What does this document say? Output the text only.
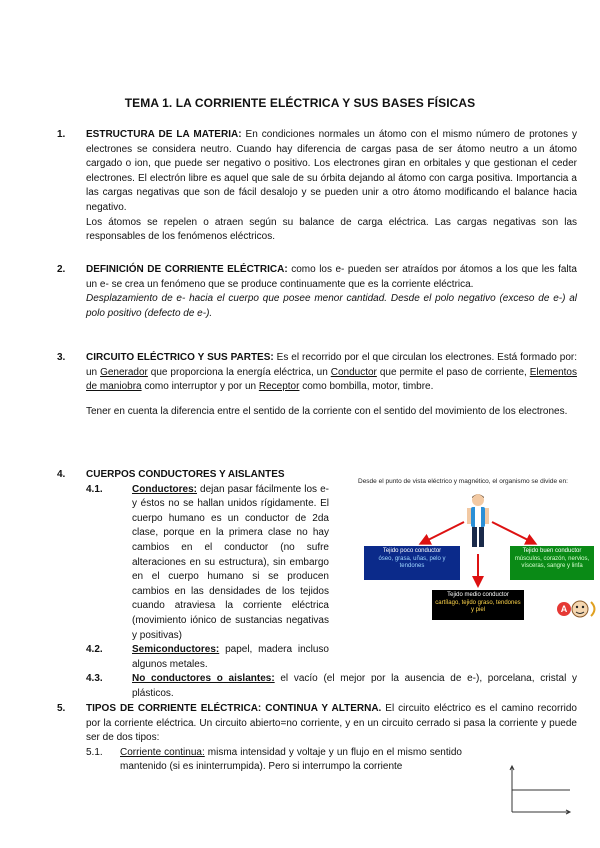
TEMA 1. LA CORRIENTE ELÉCTRICA Y SUS BASES FÍSICAS
1. ESTRUCTURA DE LA MATERIA: En condiciones normales un átomo con el mismo número de protones y electrones se considera neutro. Cuando hay diferencia de cargas pasa de ser átomo neutro a un átomo cargado o ion, que puede ser negativo o positivo. Los electrones giran en orbitales y que gestionan el ceder electrones. El electrón libre es aquel que sale de su órbita dejando al átomo con carga positiva. Importancia a las cargas negativas que son de fácil desalojo y se pueden unir a otro átomo modificando el balance hacia negativo.

Los átomos se repelen o atraen según su balance de carga eléctrica. Las cargas negativas son las responsables de los fenómenos eléctricos.

2. DEFINICIÓN DE CORRIENTE ELÉCTRICA: como los e- pueden ser atraídos por átomos a los que les falta un e- se crea un fenómeno que se produce continuamente que es la corriente eléctrica.

Desplazamiento de e- hacia el cuerpo que posee menor cantidad. Desde el polo negativo (exceso de e-) al polo positivo (defecto de e-).

3. CIRCUITO ELÉCTRICO Y SUS PARTES: Es el recorrido por el que circulan los electrones. Está formado por: un Generador que proporciona la energía eléctrica, un Conductor que permite el paso de corriente, Elementos de maniobra como interruptor y por un Receptor como bombilla, motor, timbre.

Tener en cuenta la diferencia entre el sentido de la corriente con el sentido del movimiento de los electrones.

4. CUERPOS CONDUCTORES Y AISLANTES

4.1.	Conductores: dejan pasar fácilmente los e- y éstos no se hallan unidos rígidamente. El cuerpo humano es un conductor de 2da clase, porque en la primera clase no hay cambios en el conductor (no sufre alteraciones en su estructura), sin embargo en el cuerpo humano si se producen cambios en las densidades de los tejidos cuando atraviesa la corriente eléctrica (movimiento iónico de sustancias negativas y positivas)

4.2.	Semiconductores: papel, madera incluso algunos metales.

4.3.	No conductores o aislantes: el vacío (el mejor por la ausencia de e-), porcelana, cristal y plásticos.

Desde el punto de vista eléctrico y magnético, el organismo se divide en:
Tejido poco conductor
óseo, grasa, uñas, pelo y tendones
Tejido buen conductor
músculos, corazón, nervios, vísceras, sangre y linfa
Tejido medio conductor
cartílago, tejido graso, tendones y piel	A
5. TIPOS DE CORRIENTE ELÉCTRICA: CONTINUA Y ALTERNA. El circuito eléctrico es el camino recorrido por la corriente eléctrica. Un circuito abierto=no corriente, y en un circuito cerrado si pasa la corriente y puede ser de dos tipos:

5.1. Corriente continua: misma intensidad y voltaje y un flujo en el mismo sentido mantenido (si es ininterrumpida). Pero si interrumpo la corriente
